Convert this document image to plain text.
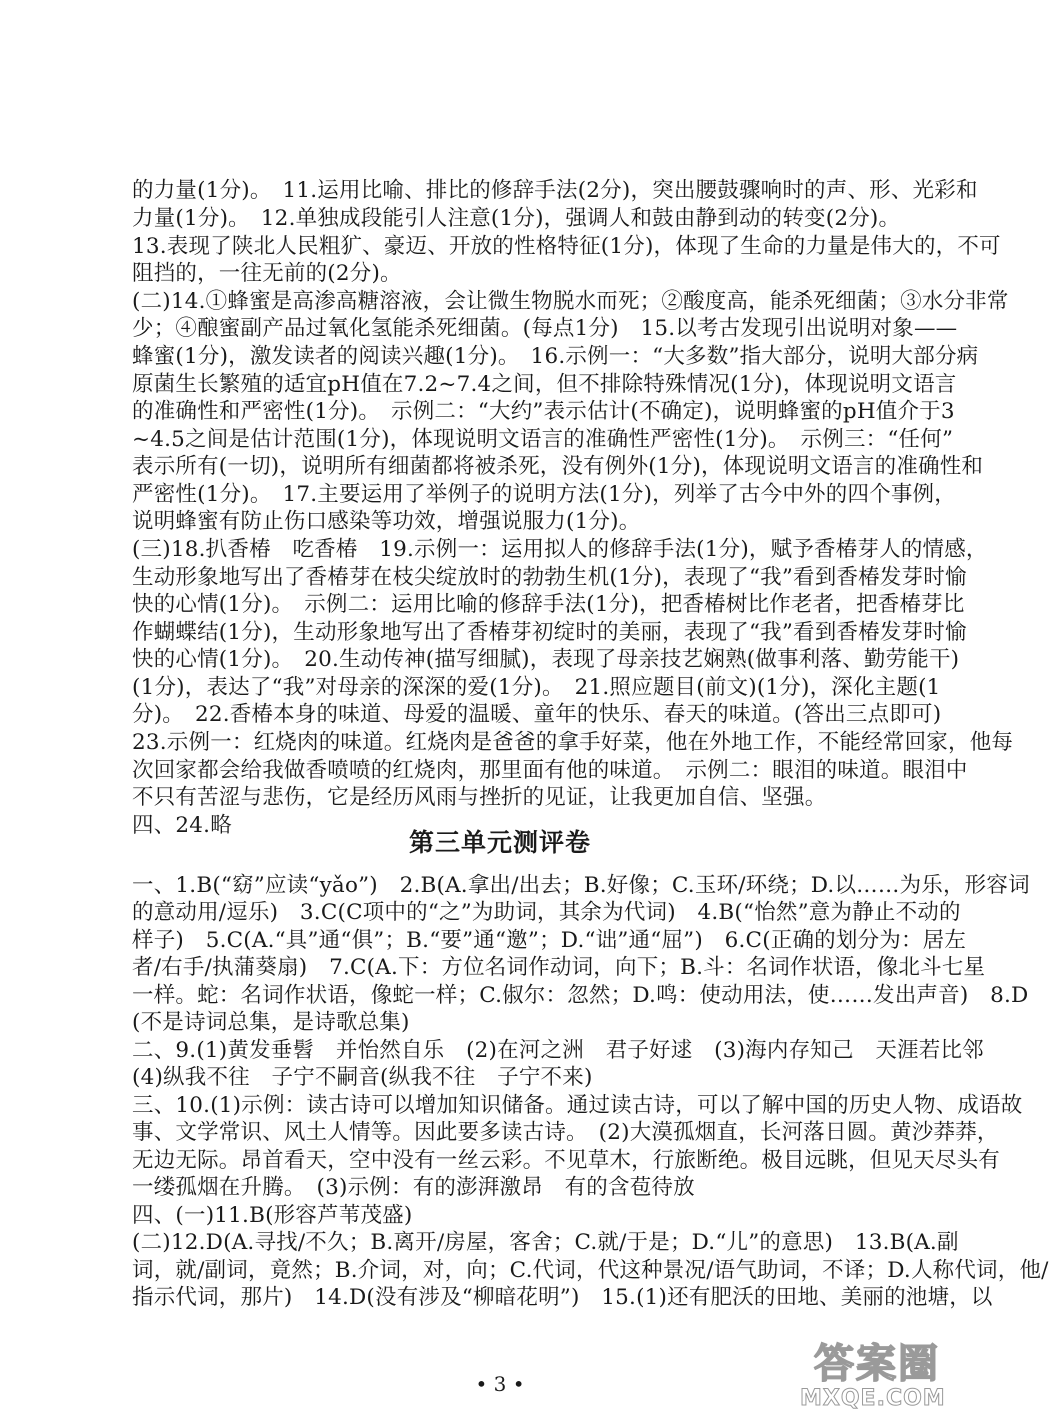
的力量(1分)。　11.运用比喻、排比的修辞手法(2分)，突出腰鼓骤响时的声、形、光彩和
力量(1分)。　12.单独成段能引人注意(1分)，强调人和鼓由静到动的转变(2分)。
13.表现了陕北人民粗犷、豪迈、开放的性格特征(1分)，体现了生命的力量是伟大的，不可
阻挡的，一往无前的(2分)。
(二)14.①蜂蜜是高渗高糖溶液，会让微生物脱水而死；②酸度高，能杀死细菌；③水分非常
少；④酿蜜副产品过氧化氢能杀死细菌。(每点1分)　15.以考古发现引出说明对象——
蜂蜜(1分)，激发读者的阅读兴趣(1分)。　16.示例一：“大多数”指大部分，说明大部分病
原菌生长繁殖的适宜pH值在7.2~7.4之间，但不排除特殊情况(1分)，体现说明文语言
的准确性和严密性(1分)。　示例二：“大约”表示估计(不确定)，说明蜂蜜的pH值介于3
~4.5之间是估计范围(1分)，体现说明文语言的准确性严密性(1分)。　示例三：“任何”
表示所有(一切)，说明所有细菌都将被杀死，没有例外(1分)，体现说明文语言的准确性和
严密性(1分)。　17.主要运用了举例子的说明方法(1分)，列举了古今中外的四个事例，
说明蜂蜜有防止伤口感染等功效，增强说服力(1分)。
(三)18.扒香椿　吃香椿　19.示例一：运用拟人的修辞手法(1分)，赋予香椿芽人的情感，
生动形象地写出了香椿芽在枝尖绽放时的勃勃生机(1分)，表现了“我”看到香椿发芽时愉
快的心情(1分)。　示例二：运用比喻的修辞手法(1分)，把香椿树比作老者，把香椿芽比
作蝴蝶结(1分)，生动形象地写出了香椿芽初绽时的美丽，表现了“我”看到香椿发芽时愉
快的心情(1分)。　20.生动传神(描写细腻)，表现了母亲技艺娴熟(做事利落、勤劳能干)
(1分)，表达了“我”对母亲的深深的爱(1分)。　21.照应题目(前文)(1分)，深化主题(1
分)。　22.香椿本身的味道、母爱的温暖、童年的快乐、春天的味道。(答出三点即可)
23.示例一：红烧肉的味道。红烧肉是爸爸的拿手好菜，他在外地工作，不能经常回家，他每
次回家都会给我做香喷喷的红烧肉，那里面有他的味道。　示例二：眼泪的味道。眼泪中
不只有苦涩与悲伤，它是经历风雨与挫折的见证，让我更加自信、坚强。
四、24.略
第三单元测评卷
一、1.B(“窈”应读“yǎo”)　2.B(A.拿出/出去；B.好像；C.玉环/环绕；D.以……为乐，形容词
的意动用/逗乐)　3.C(C项中的“之”为助词，其余为代词)　4.B(“怡然”意为静止不动的
样子)　5.C(A.“具”通“俱”；B.“要”通“邀”；D.“诎”通“屈”)　6.C(正确的划分为：居左
者/右手/执蒲葵扇)　7.C(A.下：方位名词作动词，向下；B.斗：名词作状语，像北斗七星
一样。蛇：名词作状语，像蛇一样；C.俶尔：忽然；D.鸣：使动用法，使……发出声音)　8.D
(不是诗词总集，是诗歌总集)
二、9.(1)黄发垂髫　并怡然自乐　(2)在河之洲　君子好逑　(3)海内存知己　天涯若比邻
(4)纵我不往　子宁不嗣音(纵我不往　子宁不来)
三、10.(1)示例：读古诗可以增加知识储备。通过读古诗，可以了解中国的历史人物、成语故
事、文学常识、风土人情等。因此要多读古诗。　(2)大漠孤烟直，长河落日圆。黄沙莽莽，
无边无际。昂首看天，空中没有一丝云彩。不见草木，行旅断绝。极目远眺，但见天尽头有
一缕孤烟在升腾。　(3)示例：有的澎湃激昂　有的含苞待放
四、(一)11.B(形容芦苇茂盛)
(二)12.D(A.寻找/不久；B.离开/房屋，客舍；C.就/于是；D.“儿”的意思)　13.B(A.副
词，就/副词，竟然；B.介词，对，向；C.代词，代这种景况/语气助词，不译；D.人称代词，他/
指示代词，那片)　14.D(没有涉及“柳暗花明”)　15.(1)还有肥沃的田地、美丽的池塘，以
• 3 •	答案圈
MXQE.COM
